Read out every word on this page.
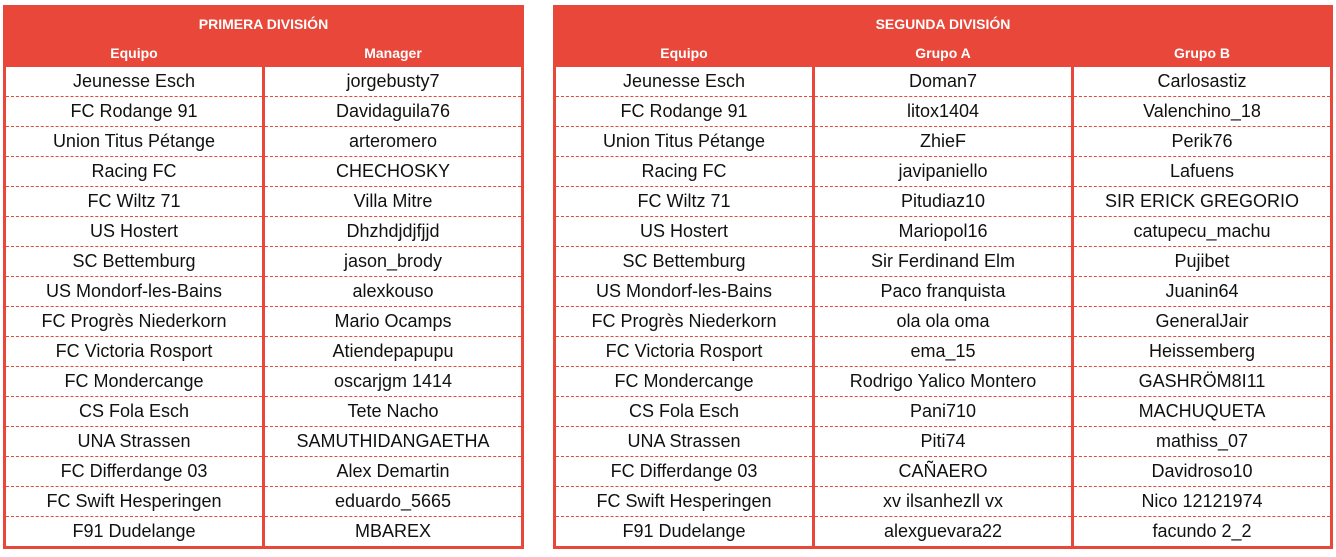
PRIMERA DIVISIÓN	
Equipo	Manager
Jeunesse Esch	jorgebusty7
FC Rodange 91	Davidaguila76
Union Titus Pétange	arteromero
Racing FC	CHECHOSKY
FC Wiltz 71	Villa Mitre
US Hostert	Dhzhdjdjfjjd
SC Bettemburg	jason_brody
US Mondorf-les-Bains	alexkouso
FC Progrès Niederkorn	Mario Ocamps
FC Victoria Rosport	Atiendepapupu
FC Mondercange	oscarjgm 1414
CS Fola Esch	Tete Nacho
UNA Strassen	SAMUTHIDANGAETHA
FC Differdange 03	Alex Demartin
FC Swift Hesperingen	eduardo_5665
F91 Dudelange	MBAREX
SEGUNDA DIVISIÓN		
Equipo	Grupo A	Grupo B
Jeunesse Esch	Doman7	Carlosastiz
FC Rodange 91	litox1404	Valenchino_18
Union Titus Pétange	ZhieF	Perik76
Racing FC	javipaniello	Lafuens
FC Wiltz 71	Pitudiaz10	SIR ERICK GREGORIO
US Hostert	Mariopol16	catupecu_machu
SC Bettemburg	Sir Ferdinand Elm	Pujibet
US Mondorf-les-Bains	Paco franquista	Juanin64
FC Progrès Niederkorn	ola ola oma	GeneralJair
FC Victoria Rosport	ema_15	Heissemberg
FC Mondercange	Rodrigo Yalico Montero	GASHRÖM8I11
CS Fola Esch	Pani710	MACHUQUETA
UNA Strassen	Piti74	mathiss_07
FC Differdange 03	CAÑAERO	Davidroso10
FC Swift Hesperingen	xv ilsanhezll vx	Nico 12121974
F91 Dudelange	alexguevara22	facundo 2_2
